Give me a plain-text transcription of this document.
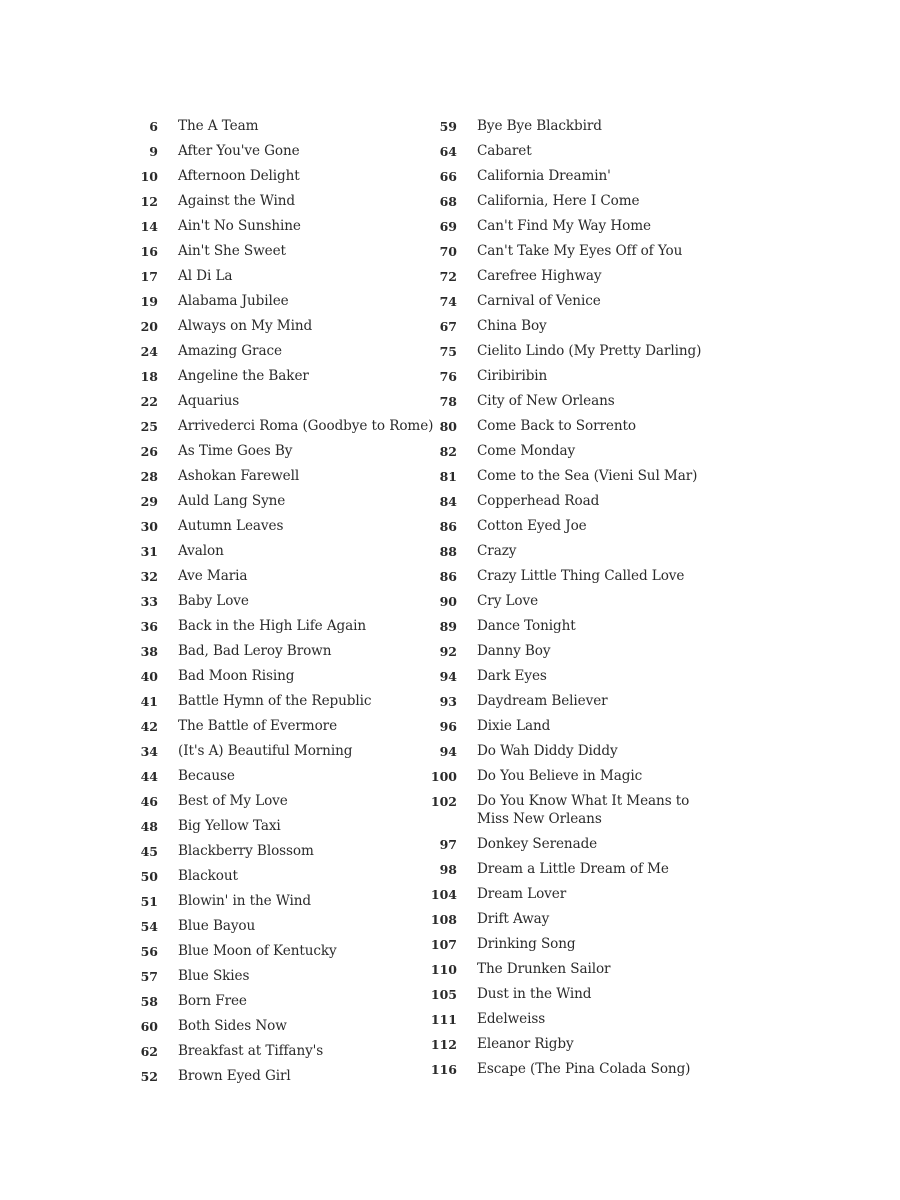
6 The A Team
9 After You've Gone
10 Afternoon Delight
12 Against the Wind
14 Ain't No Sunshine
16 Ain't She Sweet
17 Al Di La
19 Alabama Jubilee
20 Always on My Mind
24 Amazing Grace
18 Angeline the Baker
22 Aquarius
25 Arrivederci Roma (Goodbye to Rome)
26 As Time Goes By
28 Ashokan Farewell
29 Auld Lang Syne
30 Autumn Leaves
31 Avalon
32 Ave Maria
33 Baby Love
36 Back in the High Life Again
38 Bad, Bad Leroy Brown
40 Bad Moon Rising
41 Battle Hymn of the Republic
42 The Battle of Evermore
34 (It's A) Beautiful Morning
44 Because
46 Best of My Love
48 Big Yellow Taxi
45 Blackberry Blossom
50 Blackout
51 Blowin' in the Wind
54 Blue Bayou
56 Blue Moon of Kentucky
57 Blue Skies
58 Born Free
60 Both Sides Now
62 Breakfast at Tiffany's
52 Brown Eyed Girl
59 Bye Bye Blackbird
64 Cabaret
66 California Dreamin'
68 California, Here I Come
69 Can't Find My Way Home
70 Can't Take My Eyes Off of You
72 Carefree Highway
74 Carnival of Venice
67 China Boy
75 Cielito Lindo (My Pretty Darling)
76 Ciribiribin
78 City of New Orleans
80 Come Back to Sorrento
82 Come Monday
81 Come to the Sea (Vieni Sul Mar)
84 Copperhead Road
86 Cotton Eyed Joe
88 Crazy
86 Crazy Little Thing Called Love
90 Cry Love
89 Dance Tonight
92 Danny Boy
94 Dark Eyes
93 Daydream Believer
96 Dixie Land
94 Do Wah Diddy Diddy
100 Do You Believe in Magic
102 Do You Know What It Means to
Miss New Orleans
97 Donkey Serenade
98 Dream a Little Dream of Me
104 Dream Lover
108 Drift Away
107 Drinking Song
110 The Drunken Sailor
105 Dust in the Wind
111 Edelweiss
112 Eleanor Rigby
116 Escape (The Pina Colada Song)
